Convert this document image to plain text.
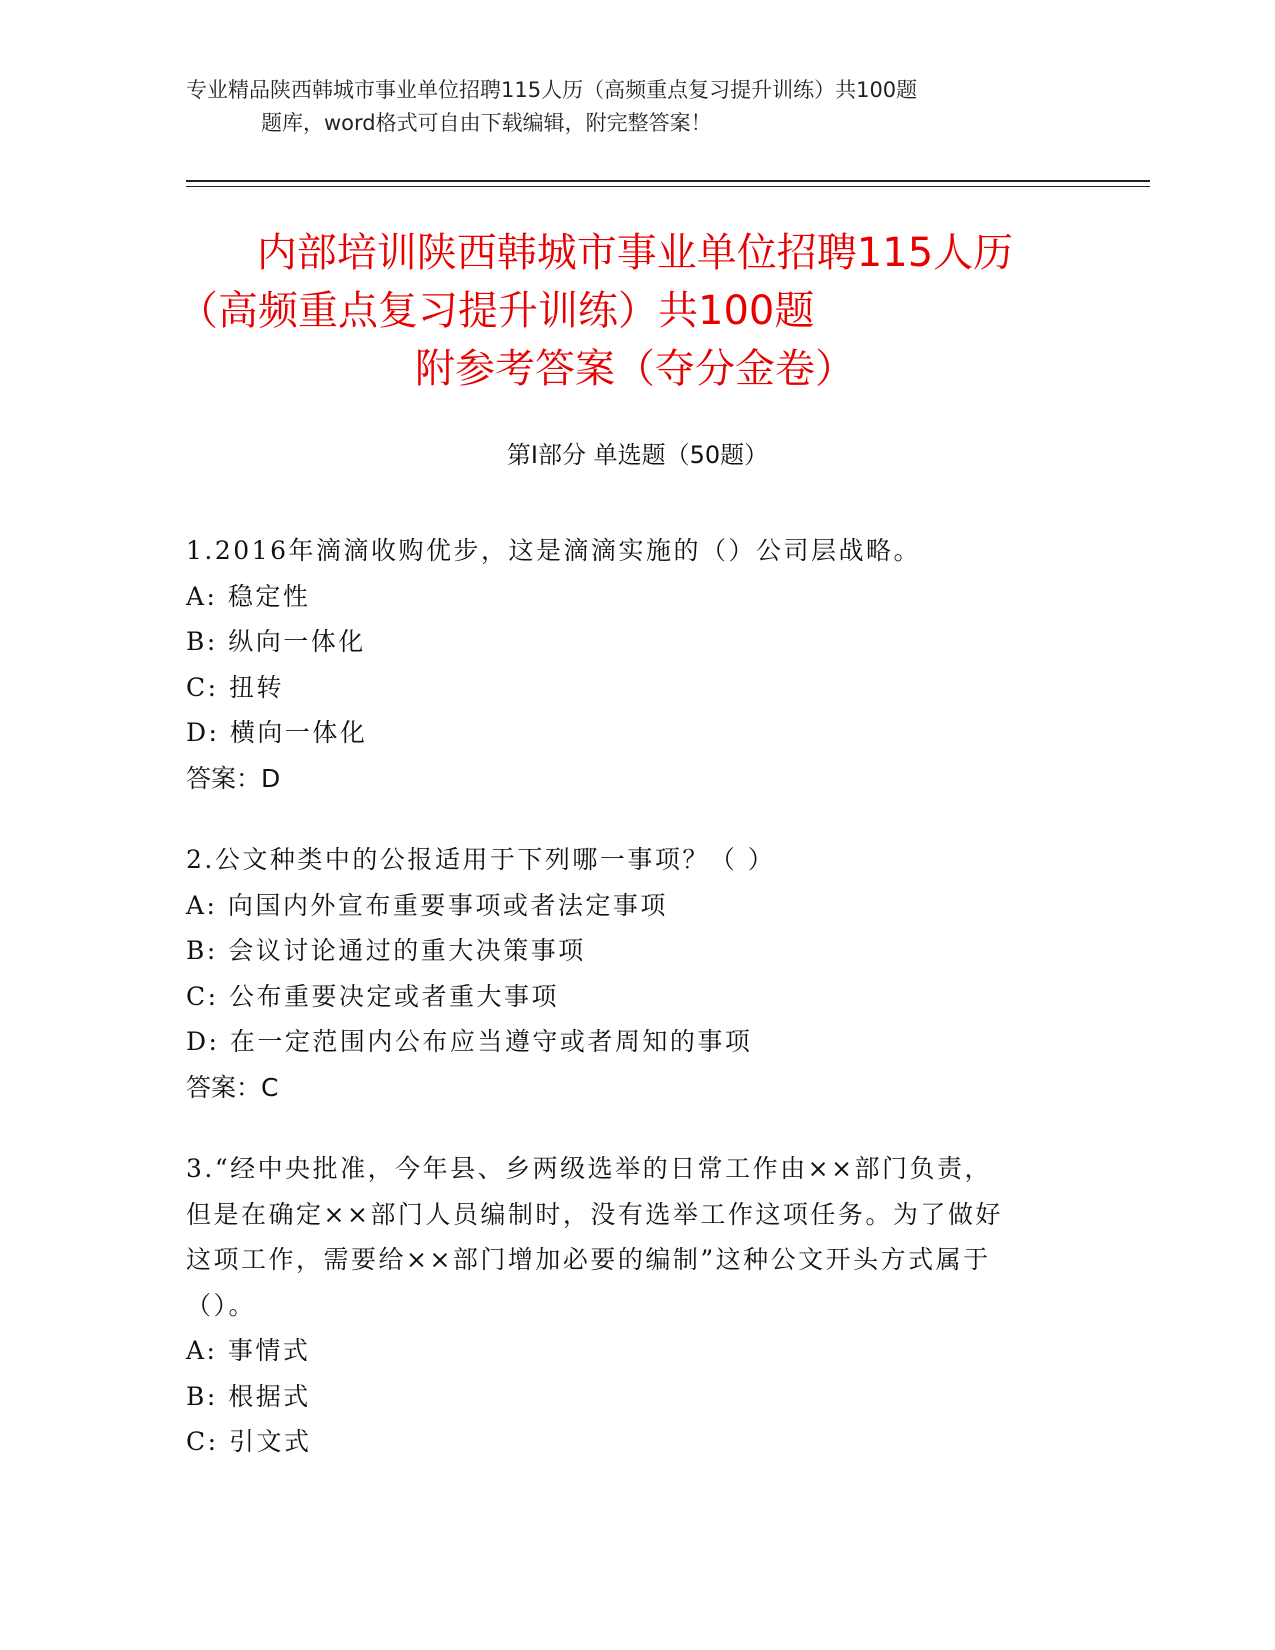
专业精品陕西韩城市事业单位招聘115人历（高频重点复习提升训练）共100题
题库，word格式可自由下载编辑，附完整答案！
内部培训陕西韩城市事业单位招聘115人历
（高频重点复习提升训练）共100题
附参考答案（夺分金卷）
第Ⅰ部分 单选题（50题）
1.2016年滴滴收购优步，这是滴滴实施的（）公司层战略。
A: 稳定性
B: 纵向一体化
C: 扭转
D: 横向一体化
答案：D
2.公文种类中的公报适用于下列哪一事项？（ ）
A: 向国内外宣布重要事项或者法定事项
B: 会议讨论通过的重大决策事项
C: 公布重要决定或者重大事项
D: 在一定范围内公布应当遵守或者周知的事项
答案：C
3.“经中央批准，今年县、乡两级选举的日常工作由××部门负责，
但是在确定××部门人员编制时，没有选举工作这项任务。为了做好
这项工作，需要给××部门增加必要的编制”这种公文开头方式属于
（）。
A: 事情式
B: 根据式
C: 引文式
